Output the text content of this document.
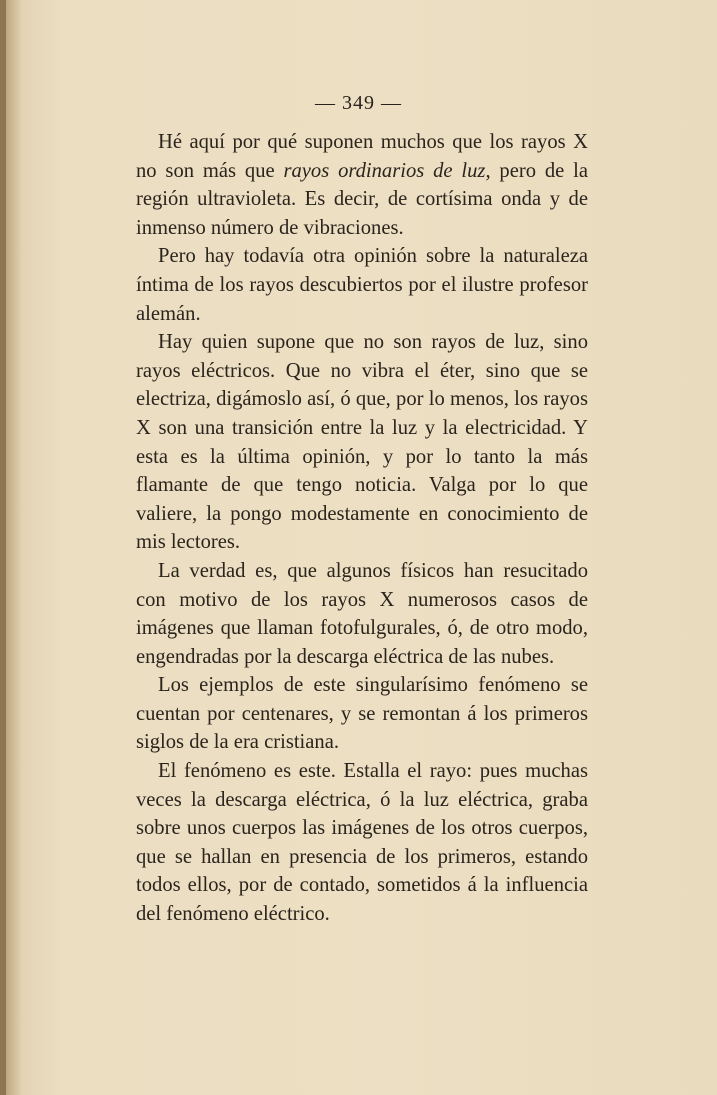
— 349 —

Hé aquí por qué suponen muchos que los rayos X no son más que rayos ordinarios de luz, pero de la región ultravioleta. Es decir, de cortísima onda y de inmenso número de vibraciones.

Pero hay todavía otra opinión sobre la naturaleza íntima de los rayos descubiertos por el ilustre profesor alemán.

Hay quien supone que no son rayos de luz, sino rayos eléctricos. Que no vibra el éter, sino que se electriza, digámoslo así, ó que, por lo menos, los rayos X son una transición entre la luz y la electricidad. Y esta es la última opinión, y por lo tanto la más flamante de que tengo noticia. Valga por lo que valiere, la pongo modestamente en conocimiento de mis lectores.

La verdad es, que algunos físicos han resucitado con motivo de los rayos X numerosos casos de imágenes que llaman fotofulgurales, ó, de otro modo, engendradas por la descarga eléctrica de las nubes.

Los ejemplos de este singularísimo fenómeno se cuentan por centenares, y se remontan á los primeros siglos de la era cristiana.

El fenómeno es este. Estalla el rayo: pues muchas veces la descarga eléctrica, ó la luz eléctrica, graba sobre unos cuerpos las imágenes de los otros cuerpos, que se hallan en presencia de los primeros, estando todos ellos, por de contado, sometidos á la influencia del fenómeno eléctrico.
